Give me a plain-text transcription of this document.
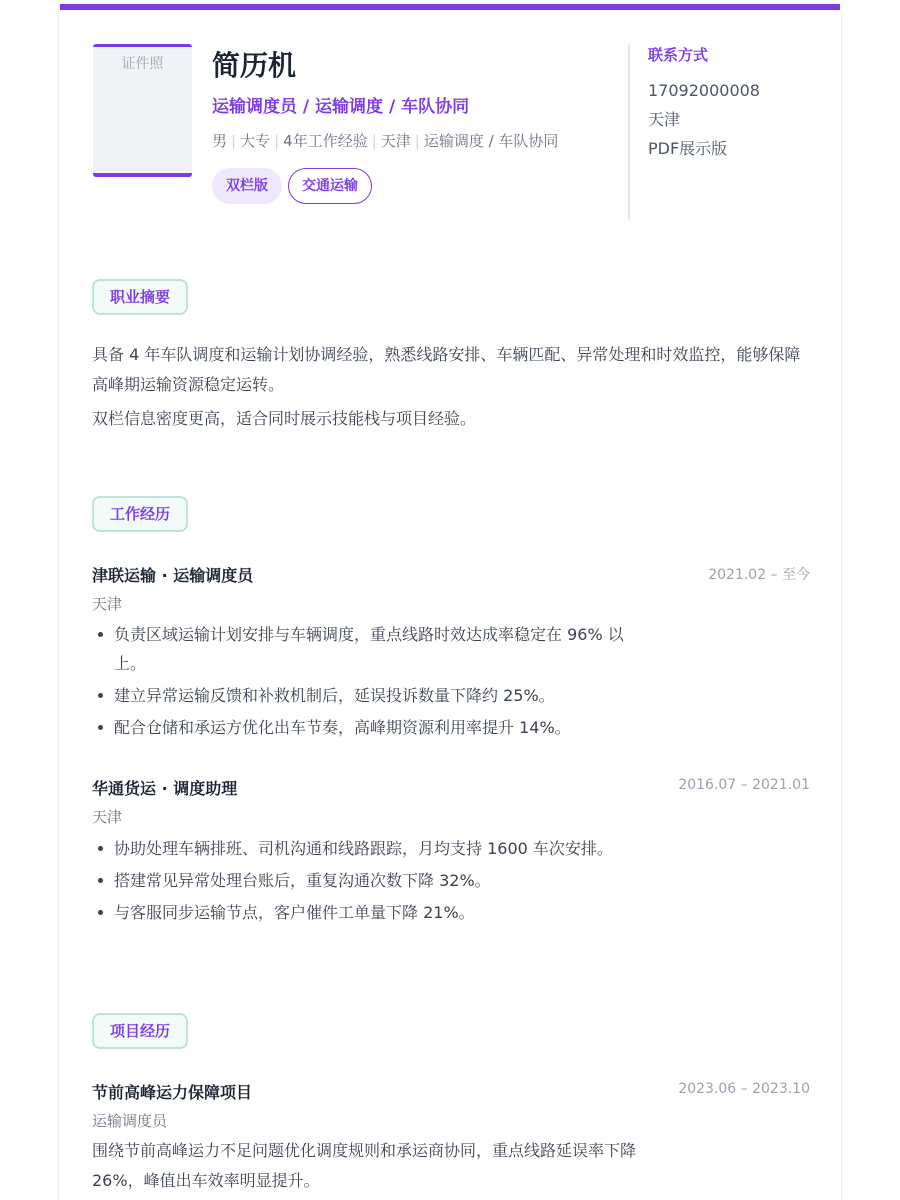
证件照	简历机
运输调度员 / 运输调度 / 车队协同
男 | 大专 | 4年工作经验 | 天津 | 运输调度 / 车队协同
双栏版	交通运输
联系方式
17092000008
天津
PDF展示版
职业摘要

具备 4 年车队调度和运输计划协调经验，熟悉线路安排、车辆匹配、异常处理和时效监控，能够保障高峰期运输资源稳定运转。

双栏信息密度更高，适合同时展示技能栈与项目经验。

工作经历
津联运输 · 运输调度员	2021.02 – 至今
天津
负责区域运输计划安排与车辆调度，重点线路时效达成率稳定在 96% 以上。
建立异常运输反馈和补救机制后，延误投诉数量下降约 25%。
配合仓储和承运方优化出车节奏，高峰期资源利用率提升 14%。
华通货运 · 调度助理	2016.07 – 2021.01
天津
协助处理车辆排班、司机沟通和线路跟踪，月均支持 1600 车次安排。
搭建常见异常处理台账后，重复沟通次数下降 32%。
与客服同步运输节点，客户催件工单量下降 21%。
项目经历
节前高峰运力保障项目	2023.06 – 2023.10
运输调度员

围绕节前高峰运力不足问题优化调度规则和承运商协同，重点线路延误率下降 26%，峰值出车效率明显提升。
